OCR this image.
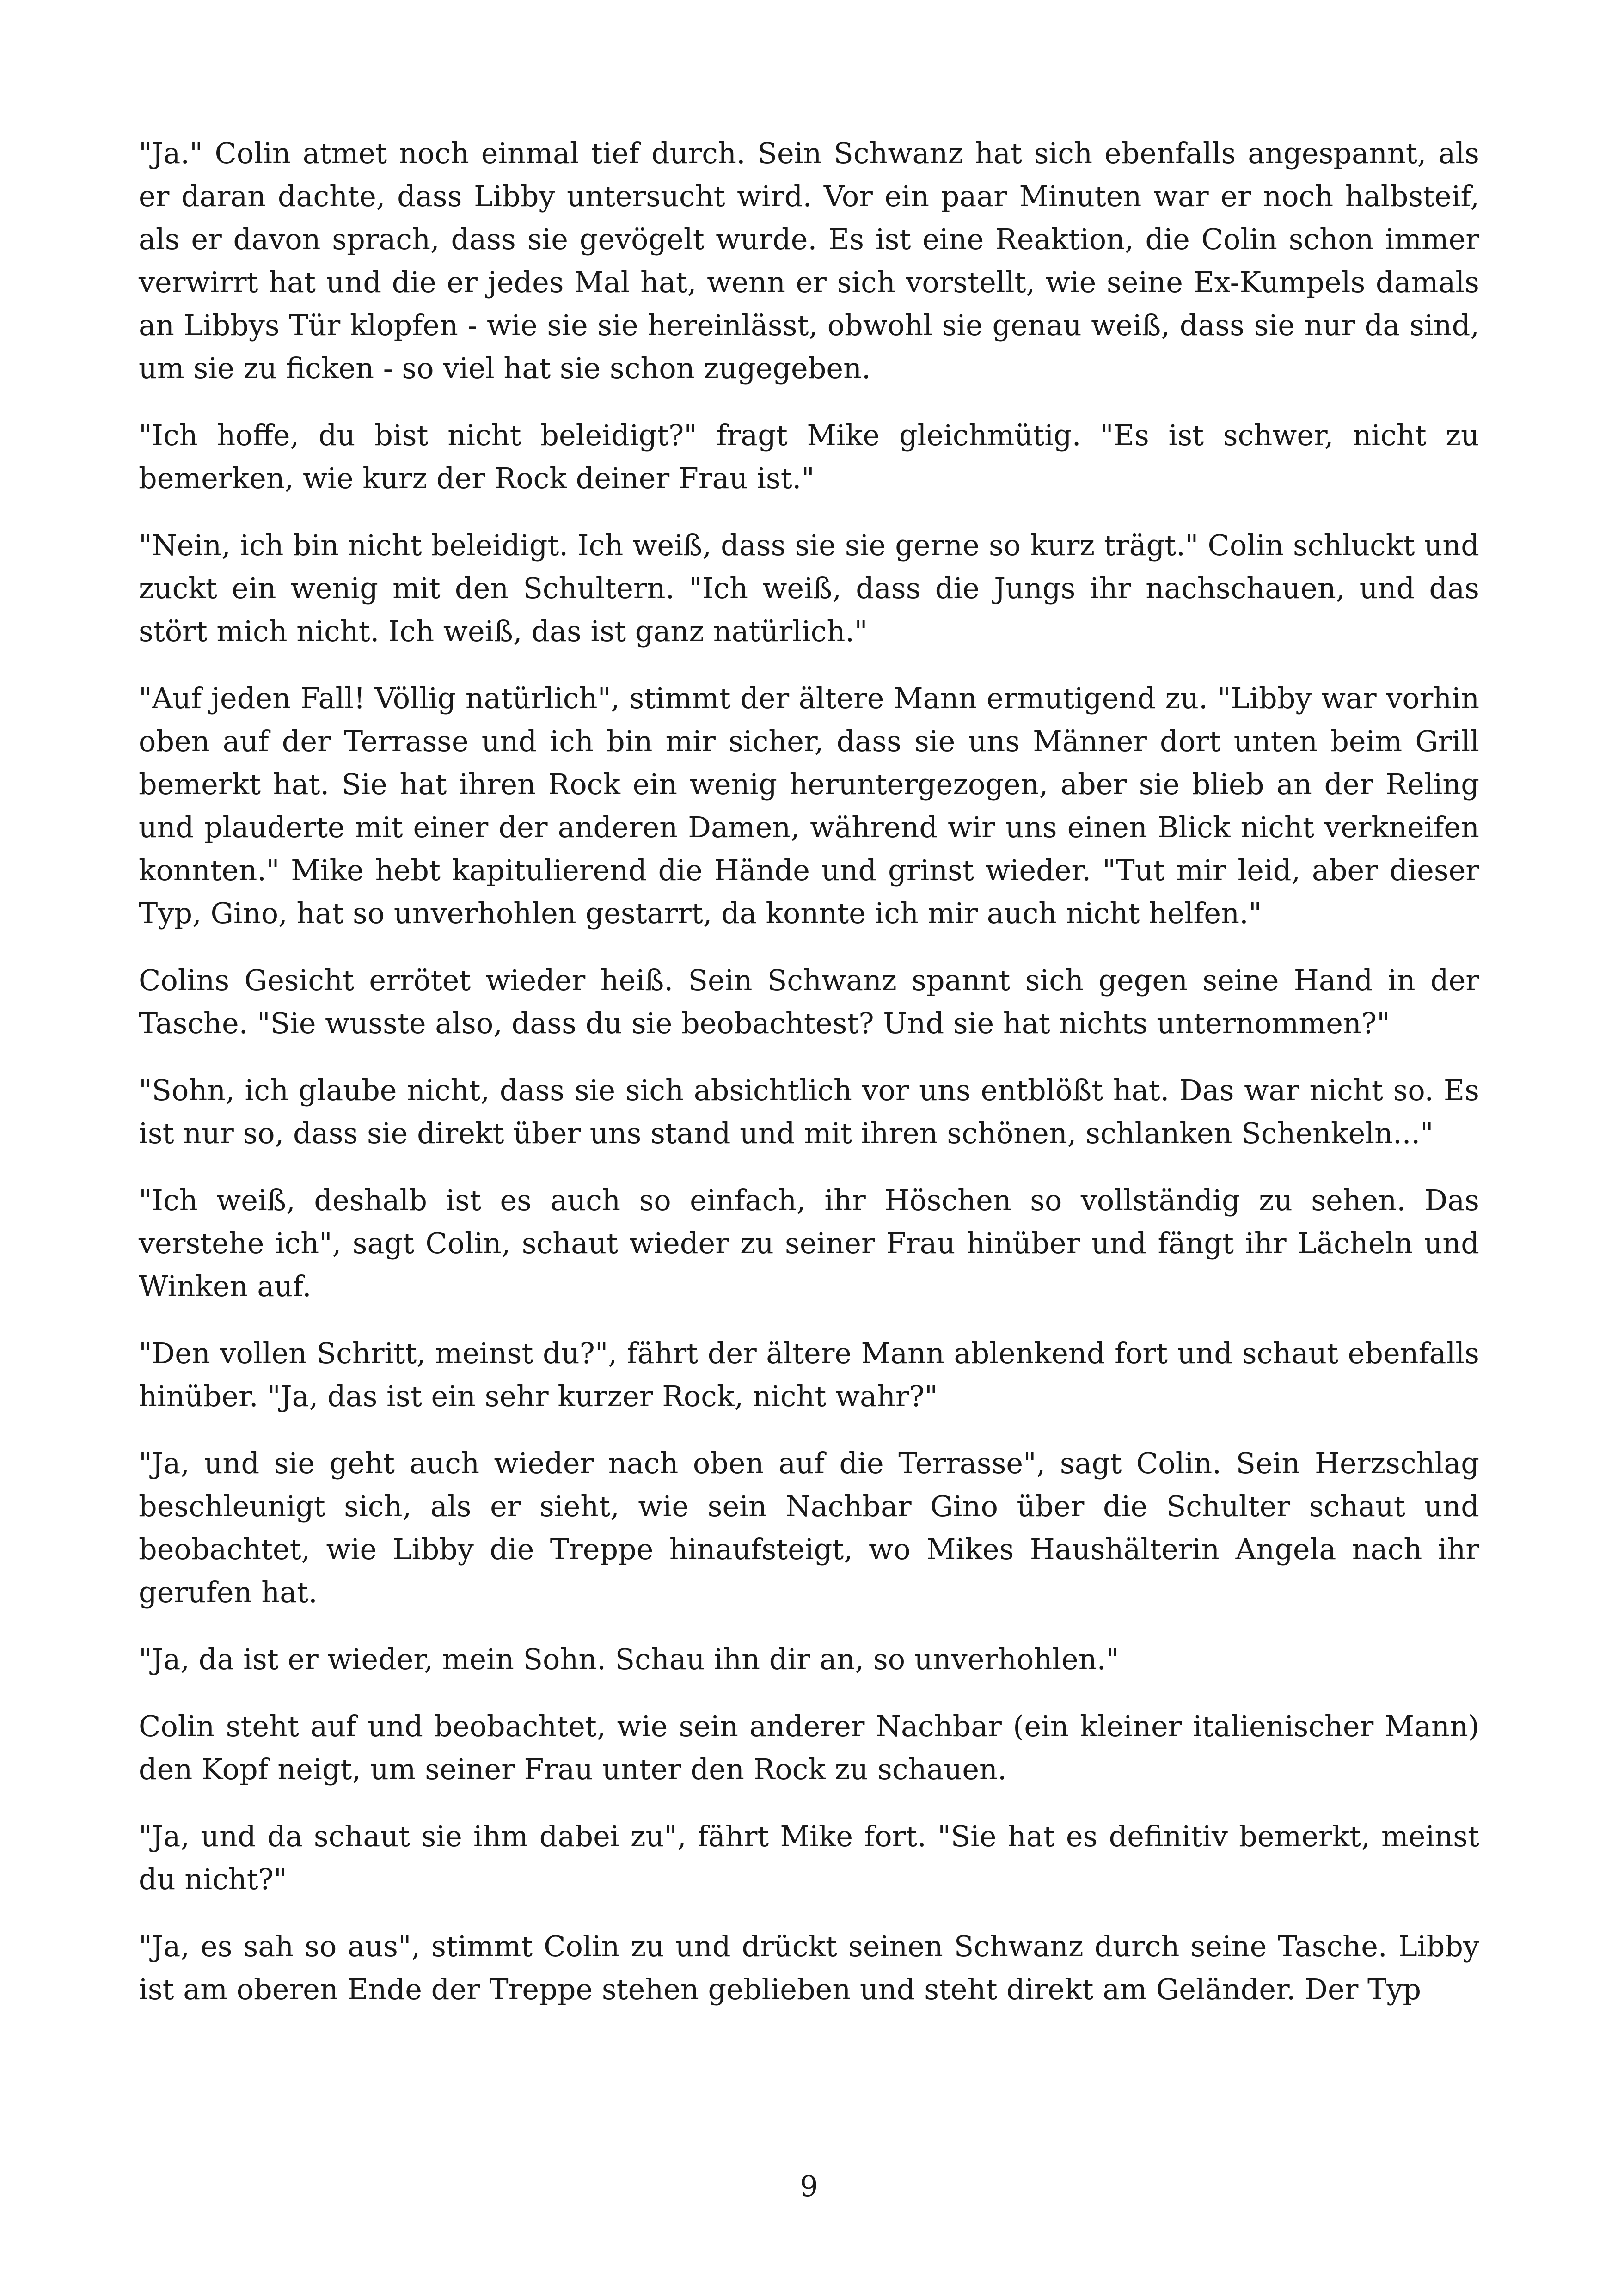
"Ja." Colin atmet noch einmal tief durch. Sein Schwanz hat sich ebenfalls angespannt, als er daran dachte, dass Libby untersucht wird. Vor ein paar Minuten war er noch halbsteif, als er davon sprach, dass sie gevögelt wurde. Es ist eine Reaktion, die Colin schon immer verwirrt hat und die er jedes Mal hat, wenn er sich vorstellt, wie seine Ex-Kumpels damals an Libbys Tür klopfen - wie sie sie hereinlässt, obwohl sie genau weiß, dass sie nur da sind, um sie zu ficken - so viel hat sie schon zugegeben.

"Ich hoffe, du bist nicht beleidigt?" fragt Mike gleichmütig. "Es ist schwer, nicht zu bemerken, wie kurz der Rock deiner Frau ist."

"Nein, ich bin nicht beleidigt. Ich weiß, dass sie sie gerne so kurz trägt." Colin schluckt und zuckt ein wenig mit den Schultern. "Ich weiß, dass die Jungs ihr nachschauen, und das stört mich nicht. Ich weiß, das ist ganz natürlich."

"Auf jeden Fall! Völlig natürlich", stimmt der ältere Mann ermutigend zu. "Libby war vorhin oben auf der Terrasse und ich bin mir sicher, dass sie uns Männer dort unten beim Grill bemerkt hat. Sie hat ihren Rock ein wenig heruntergezogen, aber sie blieb an der Reling und plauderte mit einer der anderen Damen, während wir uns einen Blick nicht verkneifen konnten." Mike hebt kapitulierend die Hände und grinst wieder. "Tut mir leid, aber dieser Typ, Gino, hat so unverhohlen gestarrt, da konnte ich mir auch nicht helfen."

Colins Gesicht errötet wieder heiß. Sein Schwanz spannt sich gegen seine Hand in der Tasche. "Sie wusste also, dass du sie beobachtest? Und sie hat nichts unternommen?"

"Sohn, ich glaube nicht, dass sie sich absichtlich vor uns entblößt hat. Das war nicht so. Es ist nur so, dass sie direkt über uns stand und mit ihren schönen, schlanken Schenkeln..."

"Ich weiß, deshalb ist es auch so einfach, ihr Höschen so vollständig zu sehen. Das verstehe ich", sagt Colin, schaut wieder zu seiner Frau hinüber und fängt ihr Lächeln und Winken auf.

"Den vollen Schritt, meinst du?", fährt der ältere Mann ablenkend fort und schaut ebenfalls hinüber. "Ja, das ist ein sehr kurzer Rock, nicht wahr?"

"Ja, und sie geht auch wieder nach oben auf die Terrasse", sagt Colin. Sein Herzschlag beschleunigt sich, als er sieht, wie sein Nachbar Gino über die Schulter schaut und beobachtet, wie Libby die Treppe hinaufsteigt, wo Mikes Haushälterin Angela nach ihr gerufen hat.

"Ja, da ist er wieder, mein Sohn. Schau ihn dir an, so unverhohlen."

Colin steht auf und beobachtet, wie sein anderer Nachbar (ein kleiner italienischer Mann) den Kopf neigt, um seiner Frau unter den Rock zu schauen.

"Ja, und da schaut sie ihm dabei zu", fährt Mike fort. "Sie hat es definitiv bemerkt, meinst du nicht?"

"Ja, es sah so aus", stimmt Colin zu und drückt seinen Schwanz durch seine Tasche. Libby ist am oberen Ende der Treppe stehen geblieben und steht direkt am Geländer. Der Typ

9
